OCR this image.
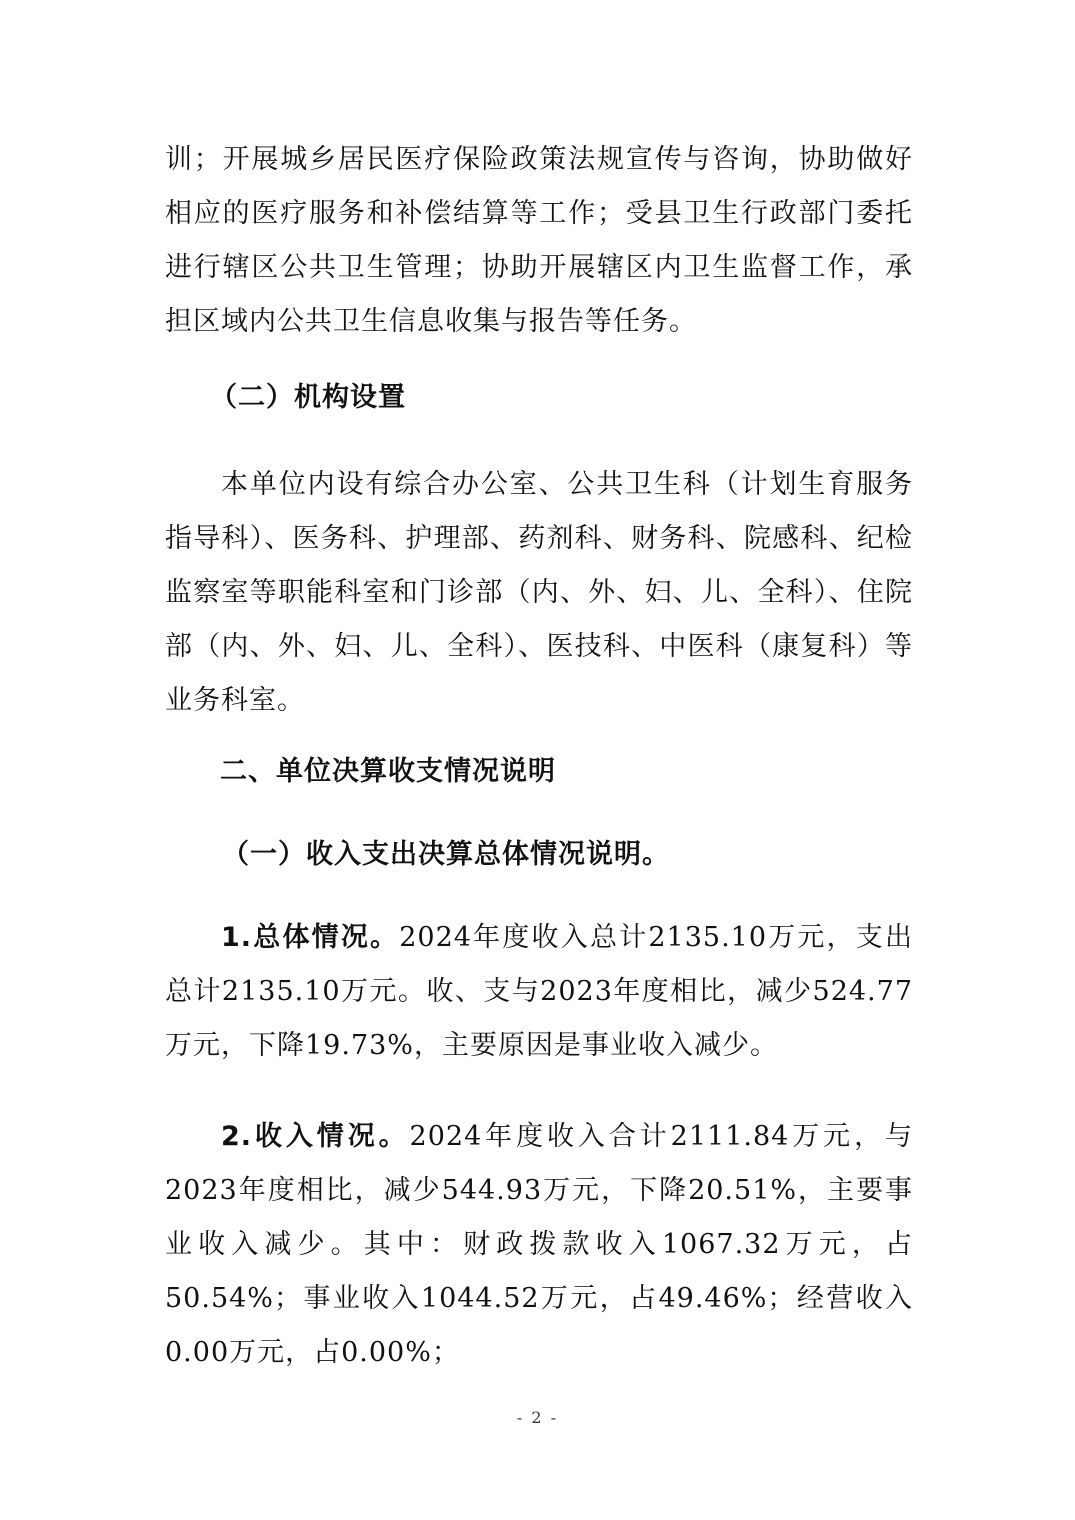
训；开展城乡居民医疗保险政策法规宣传与咨询，协助做好相应的医疗服务和补偿结算等工作；受县卫生行政部门委托进行辖区公共卫生管理；协助开展辖区内卫生监督工作，承担区域内公共卫生信息收集与报告等任务。

（二）机构设置

本单位内设有综合办公室、公共卫生科（计划生育服务指导科）、医务科、护理部、药剂科、财务科、院感科、纪检监察室等职能科室和门诊部（内、外、妇、儿、全科）、住院部（内、外、妇、儿、全科）、医技科、中医科（康复科）等业务科室。

二、单位决算收支情况说明
（一）收入支出决算总体情况说明。

1.总体情况。2024年度收入总计2135.10万元，支出总计2135.10万元。收、支与2023年度相比，减少524.77万元，下降19.73%，主要原因是事业收入减少。

2.收入情况。2024年度收入合计2111.84万元，与2023年度相比，减少544.93万元，下降20.51%，主要事业收入减少。其中：财政拨款收入1067.32万元，占50.54%；事业收入1044.52万元，占49.46%；经营收入0.00万元，占0.00%；

- 2 -
